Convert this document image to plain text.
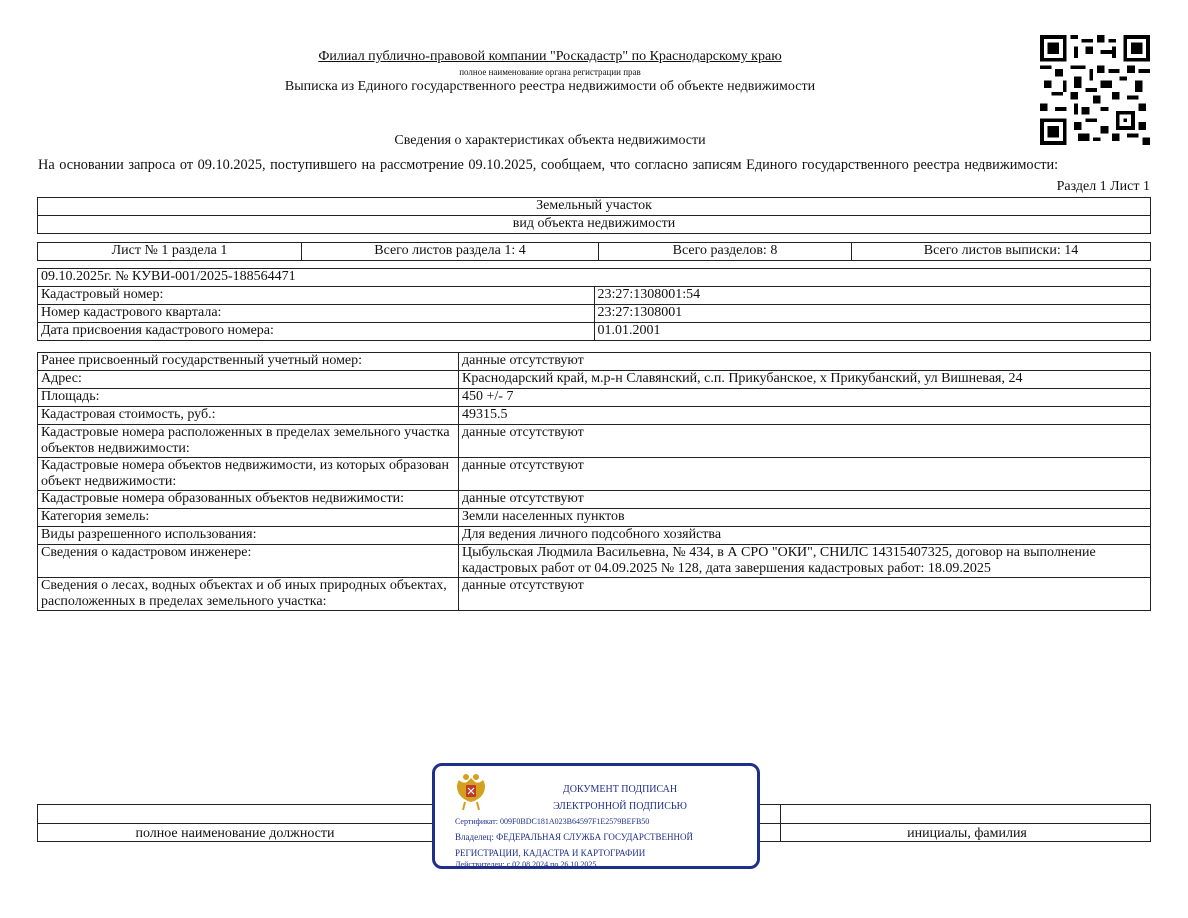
Филиал публично-правовой компании "Роскадастр" по Краснодарскому краю
полное наименование органа регистрации прав
Выписка из Единого государственного реестра недвижимости об объекте недвижимости
Сведения о характеристиках объекта недвижимости
На основании запроса от 09.10.2025, поступившего на рассмотрение 09.10.2025, сообщаем, что согласно записям Единого государственного реестра недвижимости:
Раздел 1 Лист 1
Земельный участок
вид объекта недвижимости
Лист № 1 раздела 1	Всего листов раздела 1: 4	Всего разделов: 8	Всего листов выписки: 14
09.10.2025г. № КУВИ-001/2025-188564471	
Кадастровый номер:	23:27:1308001:54
Номер кадастрового квартала:	23:27:1308001
Дата присвоения кадастрового номера:	01.01.2001
Ранее присвоенный государственный учетный номер:	данные отсутствуют
Адрес:	Краснодарский край, м.р-н Славянский, с.п. Прикубанское, х Прикубанский, ул Вишневая, 24
Площадь:	450 +/- 7
Кадастровая стоимость, руб.:	49315.5
Кадастровые номера расположенных в пределах земельного участка объектов недвижимости:	данные отсутствуют
Кадастровые номера объектов недвижимости, из которых образован объект недвижимости:	данные отсутствуют
Кадастровые номера образованных объектов недвижимости:	данные отсутствуют
Категория земель:	Земли населенных пунктов
Виды разрешенного использования:	Для ведения личного подсобного хозяйства
Сведения о кадастровом инженере:	Цыбульская Людмила Васильевна, № 434, в А СРО "ОКИ", СНИЛС 14315407325, договор на выполнение кадастровых работ от 04.09.2025 № 128, дата завершения кадастровых работ: 18.09.2025
Сведения о лесах, водных объектах и об иных природных объектах, расположенных в пределах земельного участка:	данные отсутствуют
полное наименование должности	инициалы, фамилия
ДОКУМЕНТ ПОДПИСАН
ЭЛЕКТРОННОЙ ПОДПИСЬЮ
Сертификат: 009F0BDC181A023B64597F1E2579BEFB50
Владелец: ФЕДЕРАЛЬНАЯ СЛУЖБА ГОСУДАРСТВЕННОЙ
РЕГИСТРАЦИИ, КАДАСТРА И КАРТОГРАФИИ
Действителен: с 02.08.2024 по 26.10.2025
